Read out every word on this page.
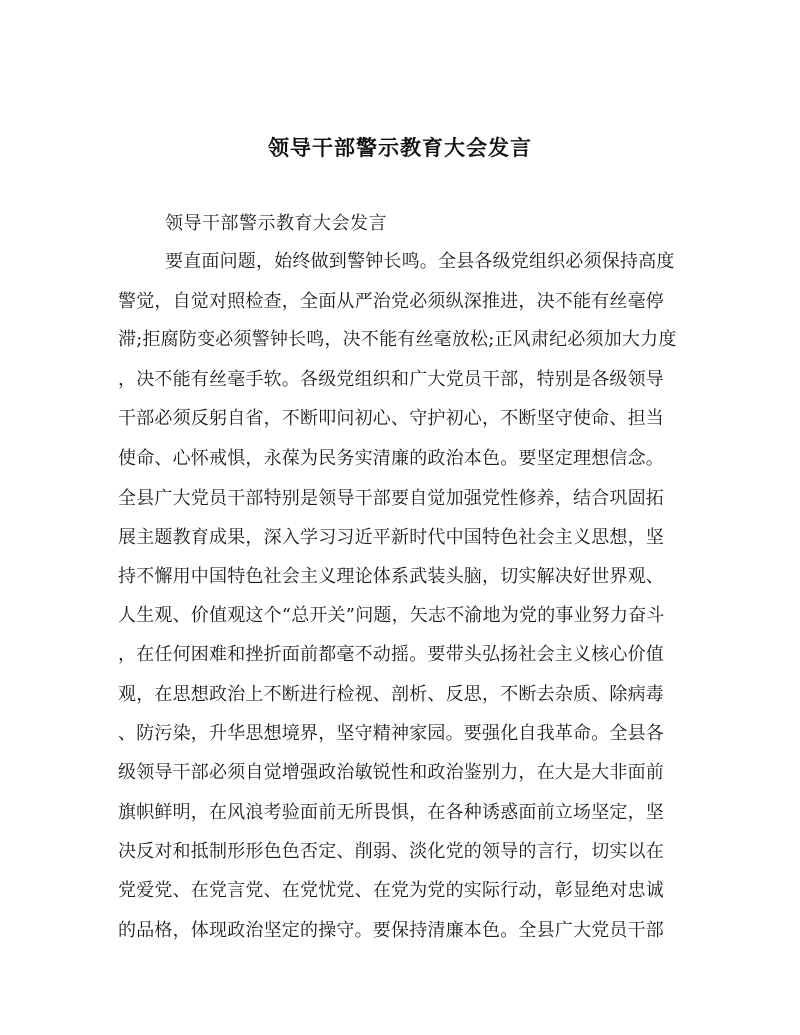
领导干部警示教育大会发言
领导干部警示教育大会发言
要直面问题，始终做到警钟长鸣。全县各级党组织必须保持高度
警觉，自觉对照检查，全面从严治党必须纵深推进，决不能有丝毫停
滞;拒腐防变必须警钟长鸣，决不能有丝毫放松;正风肃纪必须加大力度
，决不能有丝毫手软。各级党组织和广大党员干部，特别是各级领导
干部必须反躬自省，不断叩问初心、守护初心，不断坚守使命、担当
使命、心怀戒惧，永葆为民务实清廉的政治本色。要坚定理想信念。
全县广大党员干部特别是领导干部要自觉加强党性修养，结合巩固拓
展主题教育成果，深入学习习近平新时代中国特色社会主义思想，坚
持不懈用中国特色社会主义理论体系武装头脑，切实解决好世界观、
人生观、价值观这个“总开关”问题，矢志不渝地为党的事业努力奋斗
，在任何困难和挫折面前都毫不动摇。要带头弘扬社会主义核心价值
观，在思想政治上不断进行检视、剖析、反思，不断去杂质、除病毒
、防污染，升华思想境界，坚守精神家园。要强化自我革命。全县各
级领导干部必须自觉增强政治敏锐性和政治鉴别力，在大是大非面前
旗帜鲜明，在风浪考验面前无所畏惧，在各种诱惑面前立场坚定，坚
决反对和抵制形形色色否定、削弱、淡化党的领导的言行，切实以在
党爱党、在党言党、在党忧党、在党为党的实际行动，彰显绝对忠诚
的品格，体现政治坚定的操守。要保持清廉本色。全县广大党员干部
